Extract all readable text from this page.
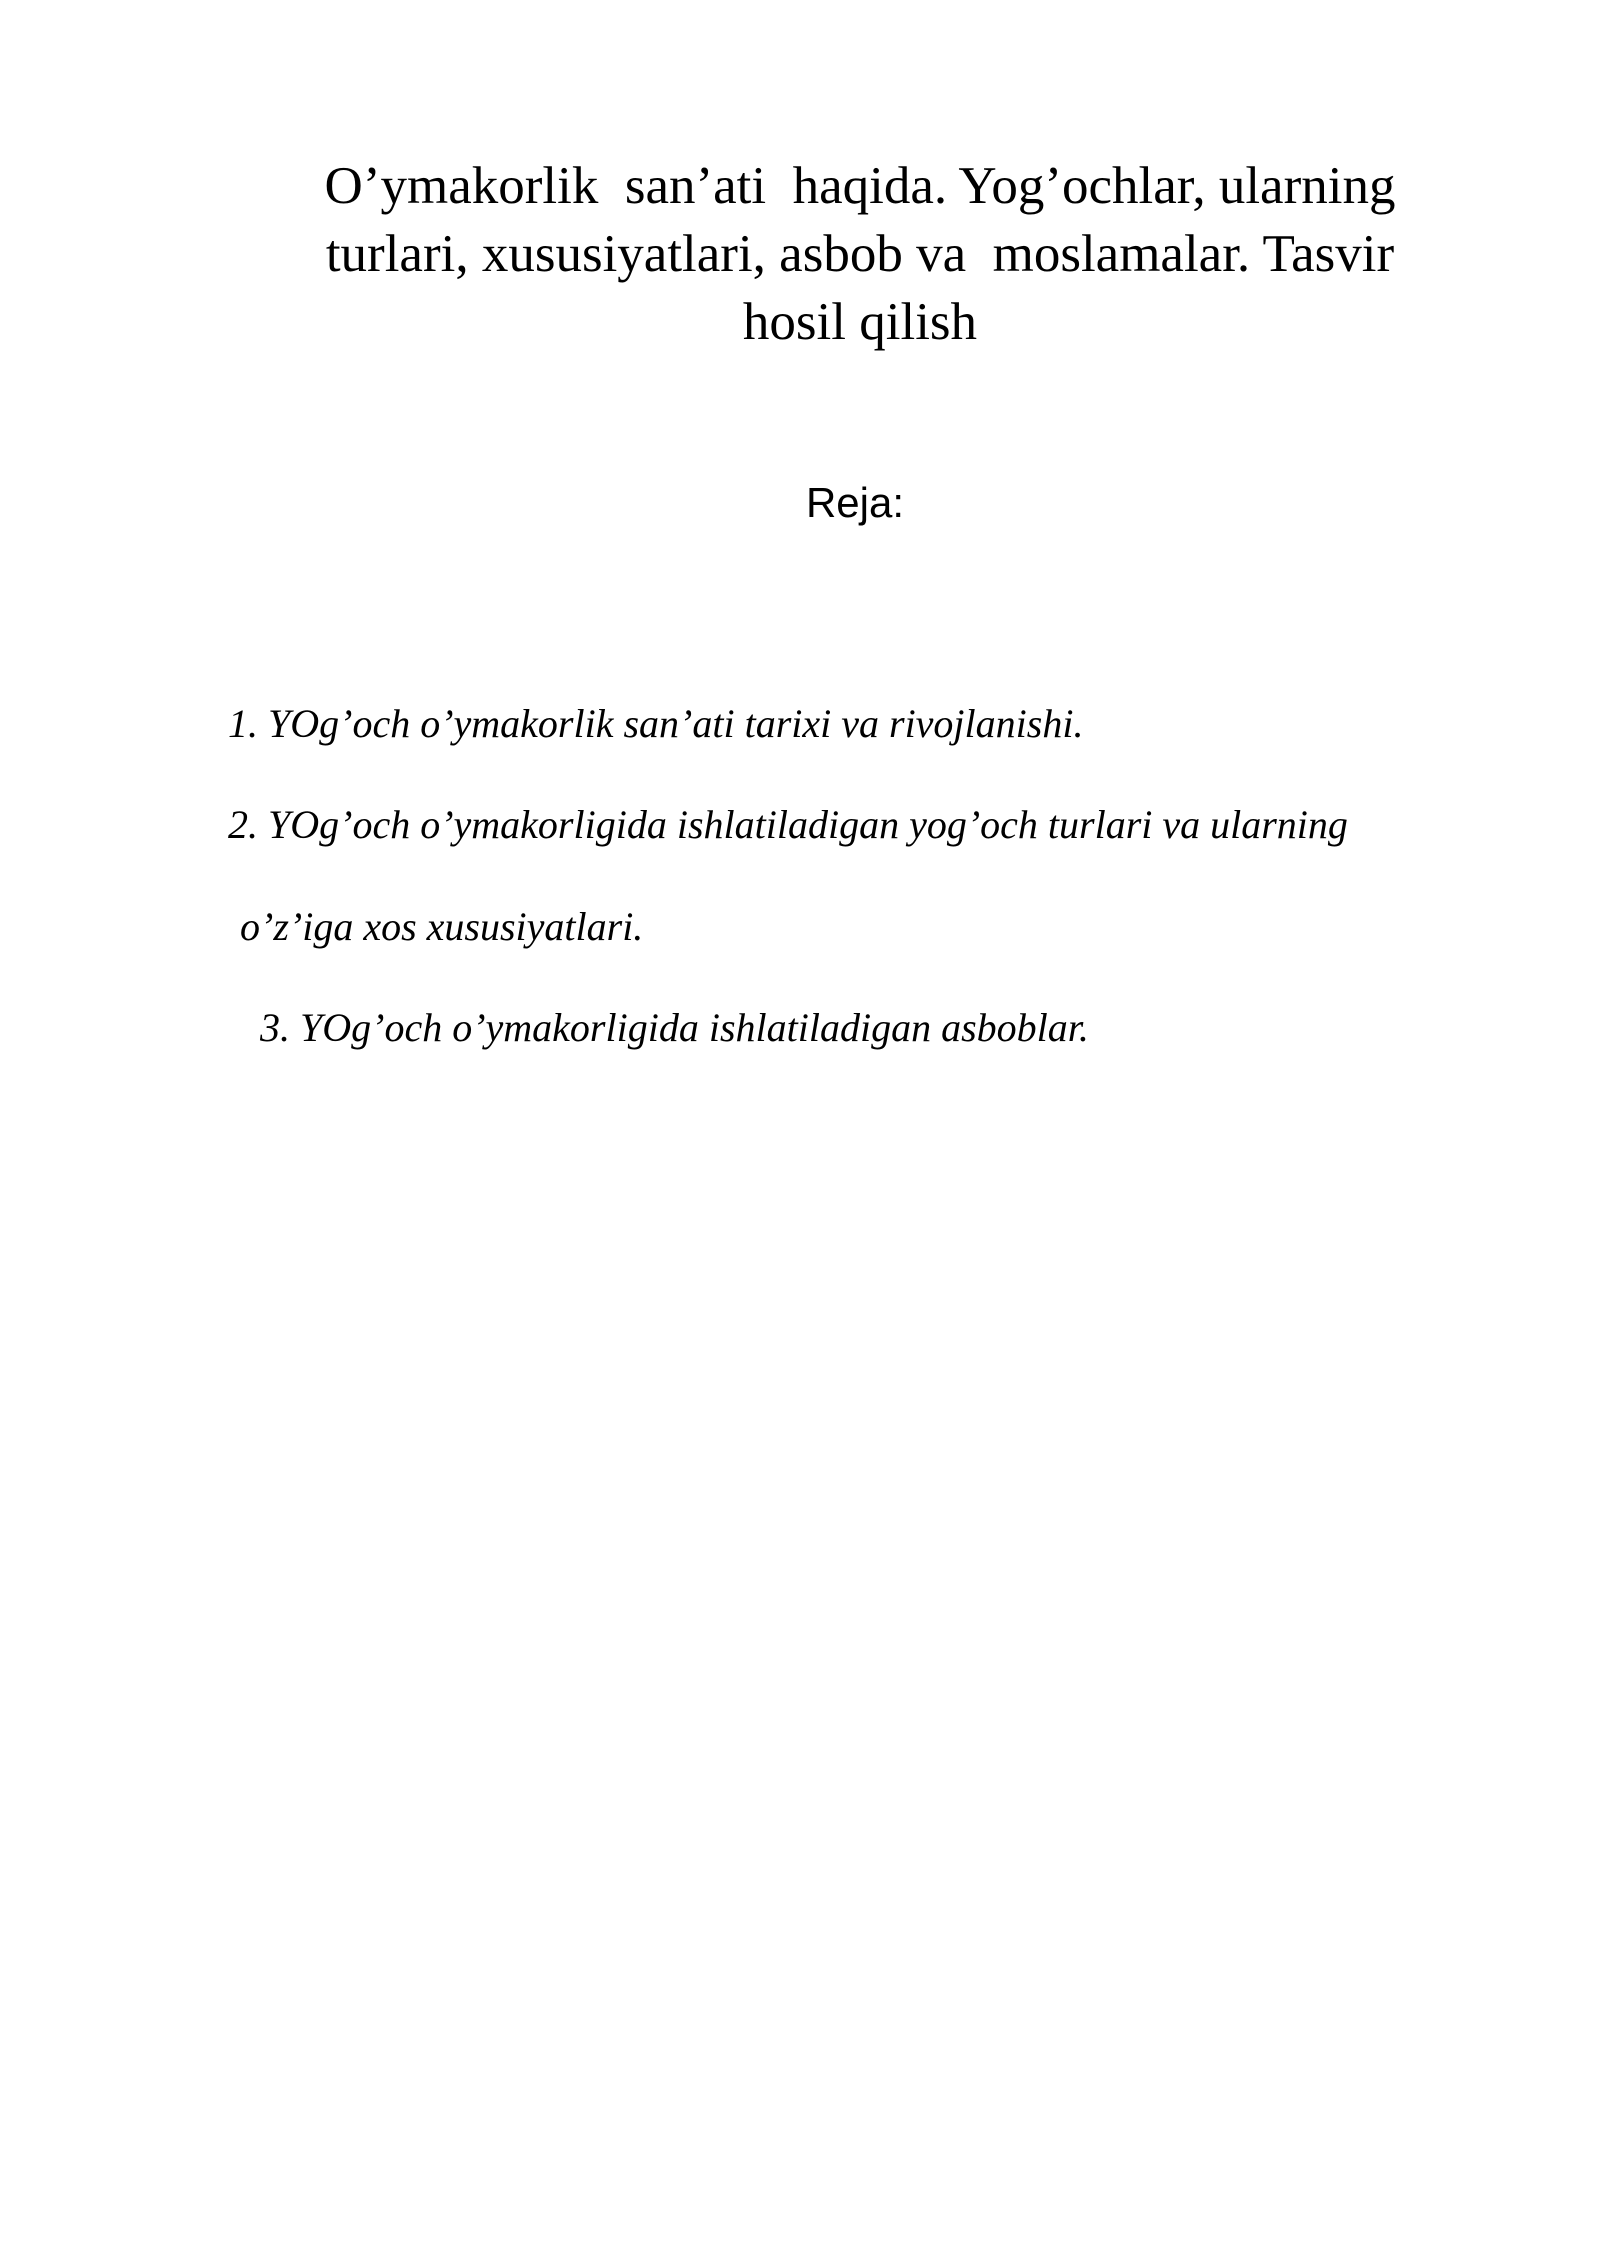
O’ymakorlik  san’ati  haqida. Yog’ochlar, ularning
turlari, xususiyatlari, asbob va  moslamalar. Tasvir
hosil qilish

Reja:

1. YOg’och o’ymakorlik san’ati tarixi va rivojlanishi.

2. YOg’och o’ymakorligida ishlatiladigan yog’och turlari va ularning

o’z’iga xos xususiyatlari.

3. YOg’och o’ymakorligida ishlatiladigan asboblar.
